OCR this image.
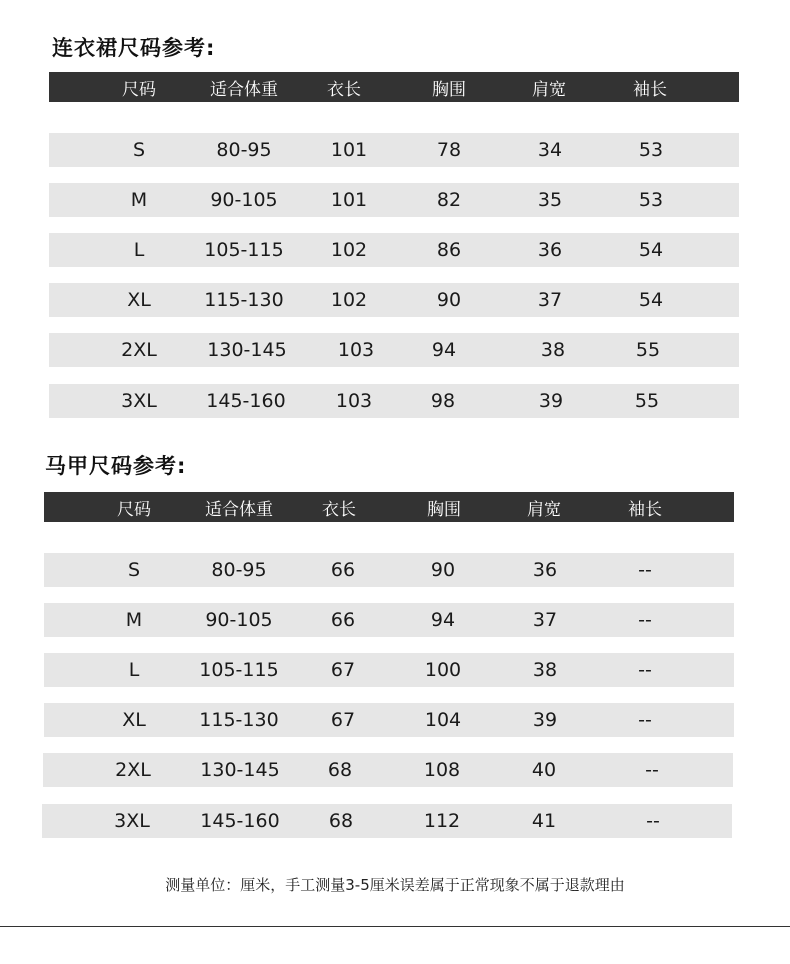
连衣裙尺码参考:
尺码	适合体重	衣长	胸围	肩宽	袖长
S	80-95	101	78	34	53
M	90-105	101	82	35	53
L	105-115	102	86	36	54
XL	115-130	102	90	37	54
2XL	130-145	103	94	38	55
3XL	145-160	103	98	39	55
马甲尺码参考:
尺码	适合体重	衣长	胸围	肩宽	袖长
S	80-95	66	90	36	--
M	90-105	66	94	37	--
L	105-115	67	100	38	--
XL	115-130	67	104	39	--
2XL	130-145	68	108	40	--
3XL	145-160	68	112	41	--
测量单位：厘米，手工测量3-5厘米误差属于正常现象不属于退款理由
